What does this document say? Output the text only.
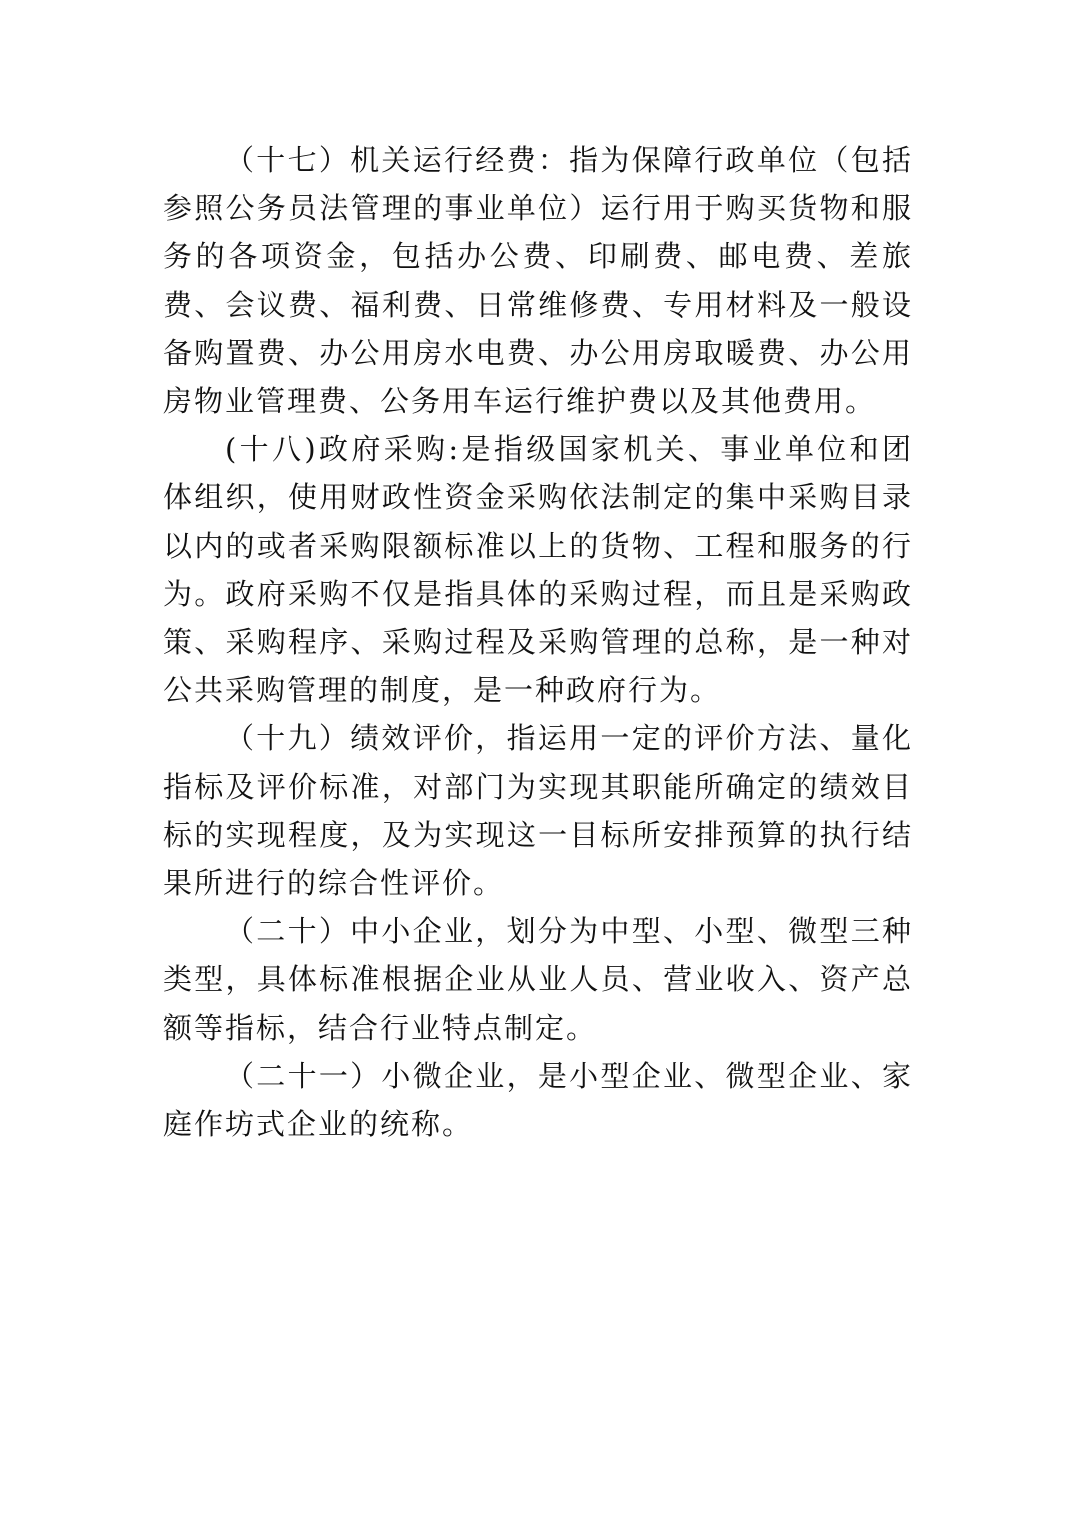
（十七）机关运行经费：指为保障行政单位（包括参照公务员法管理的事业单位）运行用于购买货物和服务的各项资金，包括办公费、印刷费、邮电费、差旅费、会议费、福利费、日常维修费、专用材料及一般设备购置费、办公用房水电费、办公用房取暖费、办公用房物业管理费、公务用车运行维护费以及其他费用。

(十八)政府采购:是指级国家机关、事业单位和团体组织，使用财政性资金采购依法制定的集中采购目录以内的或者采购限额标准以上的货物、工程和服务的行为。政府采购不仅是指具体的采购过程，而且是采购政策、采购程序、采购过程及采购管理的总称，是一种对公共采购管理的制度，是一种政府行为。

（十九）绩效评价，指运用一定的评价方法、量化指标及评价标准，对部门为实现其职能所确定的绩效目标的实现程度，及为实现这一目标所安排预算的执行结果所进行的综合性评价。

（二十）中小企业，划分为中型、小型、微型三种类型，具体标准根据企业从业人员、营业收入、资产总额等指标，结合行业特点制定。

（二十一）小微企业，是小型企业、微型企业、家庭作坊式企业的统称。
